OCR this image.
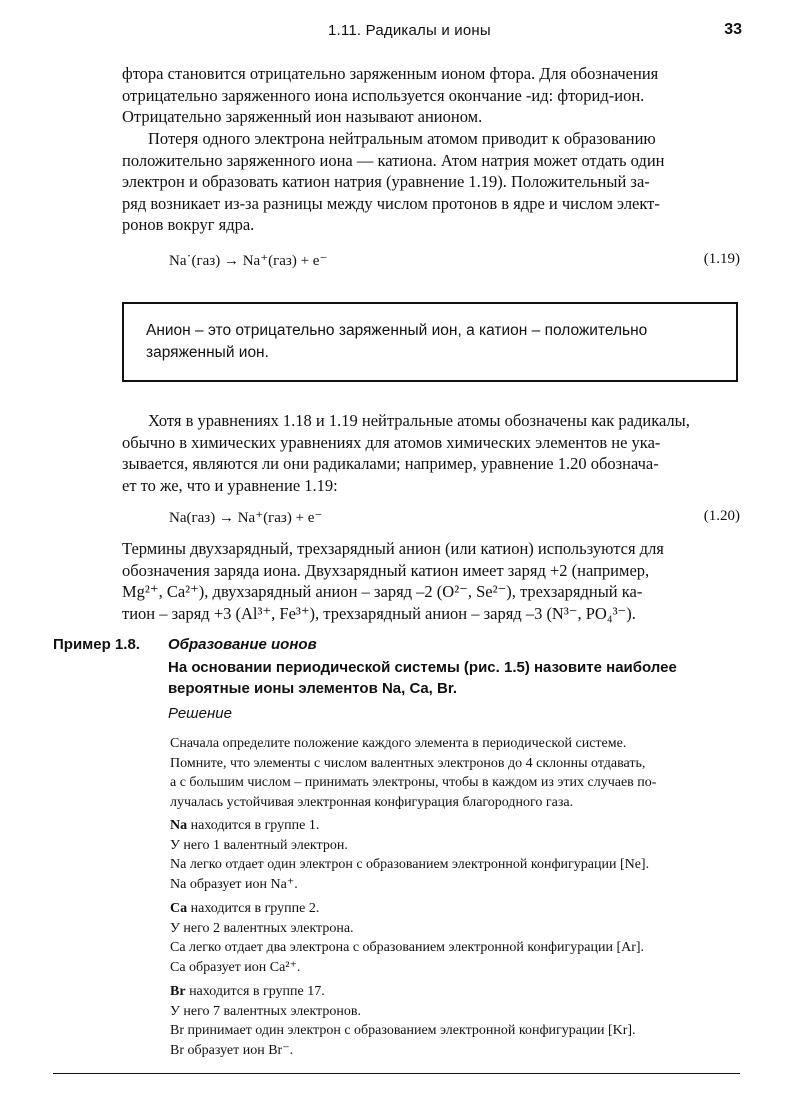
1.11. Радикалы и ионы	33

фтора становится отрицательно заряженным ионом фтора. Для обозначения

отрицательно заряженного иона используется окончание -ид: фторид-ион.

Отрицательно заряженный ион называют анионом.

Потеря одного электрона нейтральным атомом приводит к образованию

положительно заряженного иона — катиона. Атом натрия может отдать один

электрон и образовать катион натрия (уравнение 1.19). Положительный за-

ряд возникает из-за разницы между числом протонов в ядре и числом элект-

ронов вокруг ядра.

Na˙(газ) → Na⁺(газ) + e⁻	(1.19)
Анион – это отрицательно заряженный ион, а катион – положительно
заряженный ион.

Хотя в уравнениях 1.18 и 1.19 нейтральные атомы обозначены как радикалы,

обычно в химических уравнениях для атомов химических элементов не ука-

зывается, являются ли они радикалами; например, уравнение 1.20 обознача-

ет то же, что и уравнение 1.19:

Na(газ) → Na⁺(газ) + e⁻	(1.20)

Термины двухзарядный, трехзарядный анион (или катион) используются для

обозначения заряда иона. Двухзарядный катион имеет заряд +2 (например,

Mg²⁺, Ca²⁺), двухзарядный анион – заряд –2 (O²⁻, Se²⁻), трехзарядный ка-

тион – заряд +3 (Al³⁺, Fe³⁺), трехзарядный анион – заряд –3 (N³⁻, PO₄³⁻).

Пример 1.8. Образование ионов
На основании периодической системы (рис. 1.5) назовите наиболее
вероятные ионы элементов Na, Ca, Br.
Решение

Сначала определите положение каждого элемента в периодической системе.

Помните, что элементы с числом валентных электронов до 4 склонны отдавать,

а с большим числом – принимать электроны, чтобы в каждом из этих случаев по-

лучалась устойчивая электронная конфигурация благородного газа.

Na находится в группе 1.

У него 1 валентный электрон.

Na легко отдает один электрон с образованием электронной конфигурации [Ne].

Na образует ион Na⁺.

Ca находится в группе 2.

У него 2 валентных электрона.

Ca легко отдает два электрона с образованием электронной конфигурации [Ar].

Ca образует ион Ca²⁺.

Br находится в группе 17.

У него 7 валентных электронов.

Br принимает один электрон с образованием электронной конфигурации [Kr].

Br образует ион Br⁻.
